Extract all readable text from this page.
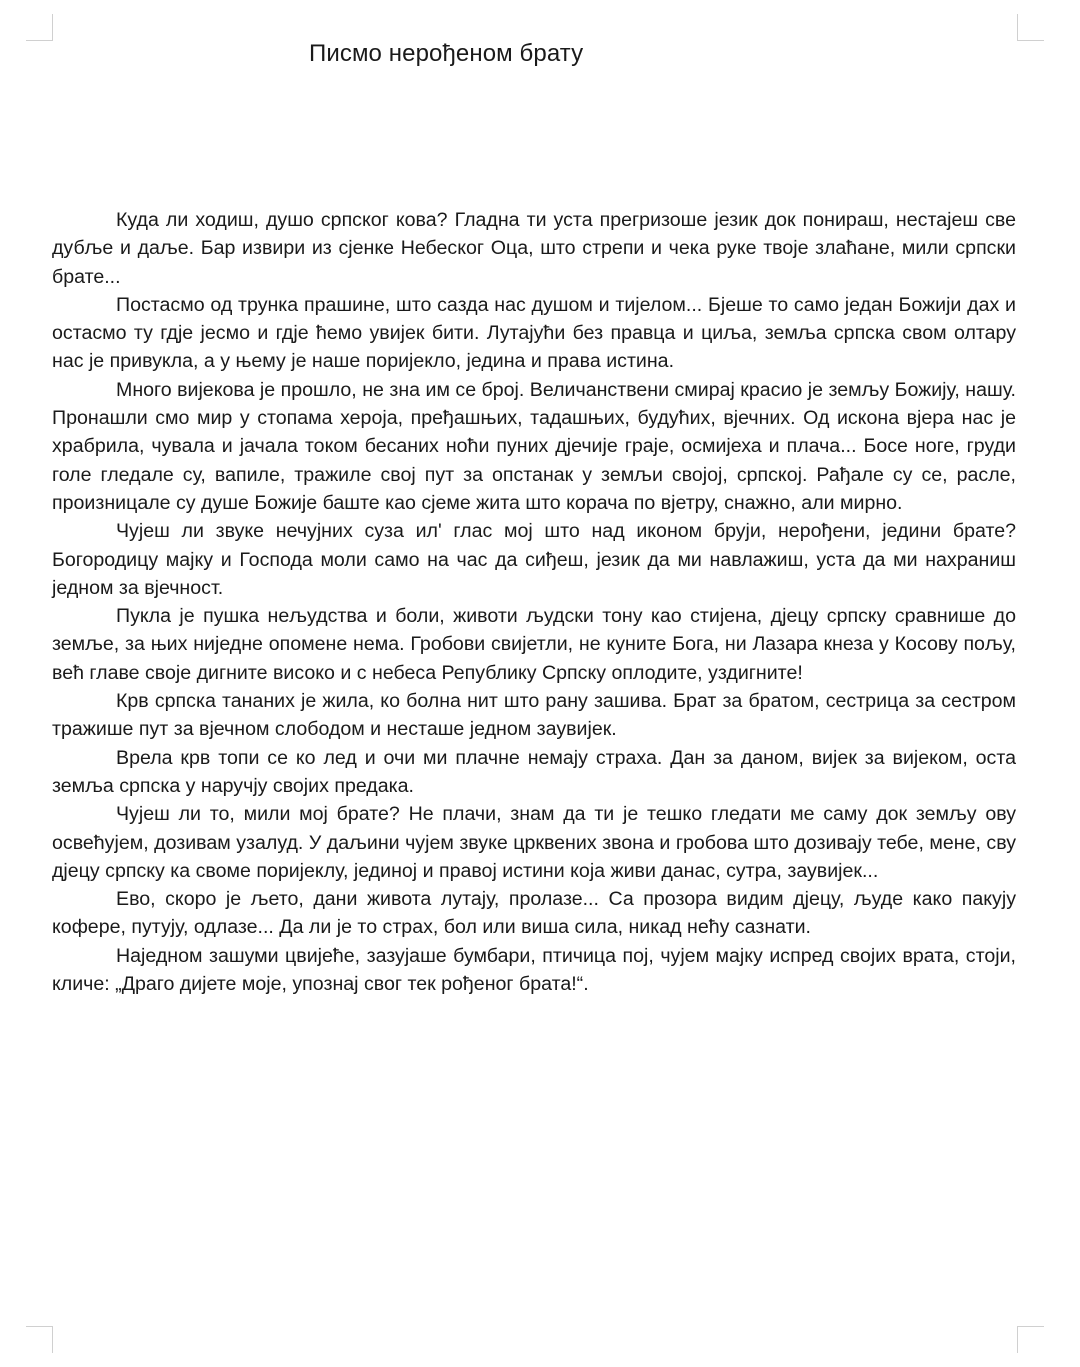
Писмо нерођеном брату

Куда ли ходиш, душо српског кова? Гладна ти уста прегризоше језик док понираш, нестајеш све дубље и даље. Бар извири из сјенке Небеског Оца, што стрепи и чека руке твоје злаћане, мили српски брате...

Постасмо од трунка прашине, што сазда нас душом и тијелом... Бјеше то само један Божији дах и остасмо ту гдје јесмо и гдје ћемо увијек бити. Лутајући без правца и циља, земља српска свом олтару нас је привукла, а у њему је наше поријекло, једина и права истина.

Много вијекова је прошло, не зна им се број. Величанствени смирај красио је земљу Божију, нашу. Пронашли смо мир у стопама хероја, пређашњих, тадашњих, будућих, вјечних. Од искона вјера нас је храбрила, чувала и јачала током бесаних ноћи пуних дјечије граје, осмијеха и плача... Босе ноге, груди голе гледале су, вапиле, тражиле свој пут за опстанак у земљи својој, српској. Рађале су се, расле, произницале су душе Божије баште као сјеме жита што корача по вјетру, снажно, али мирно.

Чујеш ли звуке нечујних суза ил' глас мој што над иконом бруји, нерођени, једини брате? Богородицу мајку и Господа моли само на час да сиђеш, језик да ми навлажиш, уста да ми нахраниш једном за вјечност.

Пукла је пушка нељудства и боли, животи људски тону као стијена, дјецу српску сравнише до земље, за њих ниједне опомене нема. Гробови свијетли, не куните Бога, ни Лазара кнеза у Косову пољу, већ главе своје дигните високо и с небеса Републику Српску оплодите, уздигните!

Крв српска тананих је жила, ко болна нит што рану зашива. Брат за братом, сестрица за сестром тражише пут за вјечном слободом и несташе једном заувијек.

Врела крв топи се ко лед и очи ми плачне немају страха. Дан за даном, вијек за вијеком, оста земља српска у наручју својих предака.

Чујеш ли то, мили мој брате? Не плачи, знам да ти је тешко гледати ме саму док земљу ову освећујем, дозивам узалуд. У даљини чујем звуке црквених звона и гробова што дозивају тебе, мене, сву дјецу српску ка своме поријеклу, јединој и правој истини која живи данас, сутра, заувијек...

Ево, скоро је љето, дани живота лутају, пролазе... Са прозора видим дјецу, људе како пакују кофере, путују, одлазе... Да ли је то страх, бол или виша сила, никад нећу сазнати.

Наједном зашуми цвијеће, зазујаше бумбари, птичица пој, чујем мајку испред својих врата, стоји, кличе: „Драго дијете моје, упознај свог тек рођеног брата!“.
